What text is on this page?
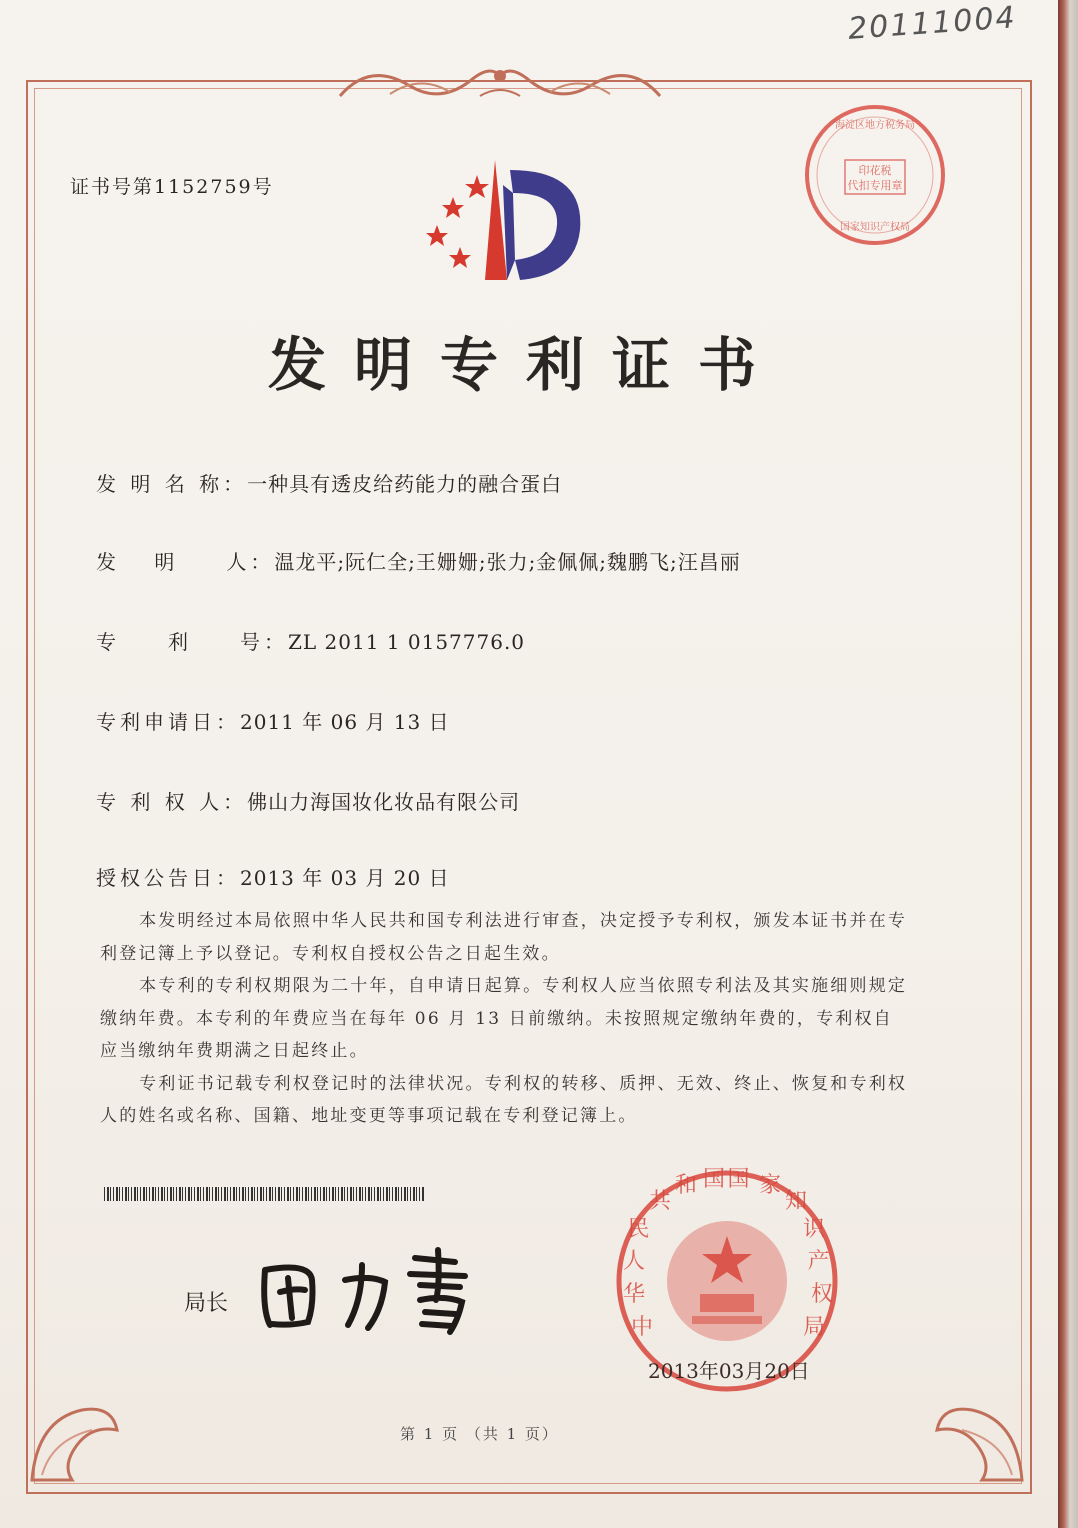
20111004
证书号第1152759号
印花税
代扣专用章
海淀区地方税务局
国家知识产权局
发明专利证书
发 明 名 称：一种具有透皮给药能力的融合蛋白
发　 明　　人：温龙平;阮仁全;王姗姗;张力;金佩佩;魏鹏飞;汪昌丽
专　　利　　号：ZL 2011 1 0157776.0
专利申请日：2011 年 06 月 13 日
专 利 权 人：佛山力海国妆化妆品有限公司
授权公告日：2013 年 03 月 20 日

本发明经过本局依照中华人民共和国专利法进行审查，决定授予专利权，颁发本证书并在专利登记簿上予以登记。专利权自授权公告之日起生效。

本专利的专利权期限为二十年，自申请日起算。专利权人应当依照专利法及其实施细则规定缴纳年费。本专利的年费应当在每年 06 月 13 日前缴纳。未按照规定缴纳年费的，专利权自应当缴纳年费期满之日起终止。

专利证书记载专利权登记时的法律状况。专利权的转移、质押、无效、终止、恢复和专利权人的姓名或名称、国籍、地址变更等事项记载在专利登记簿上。

局长
中华人民 共和 国 国 家知识产 权局
2013年03月20日
第 1 页 （共 1 页）
